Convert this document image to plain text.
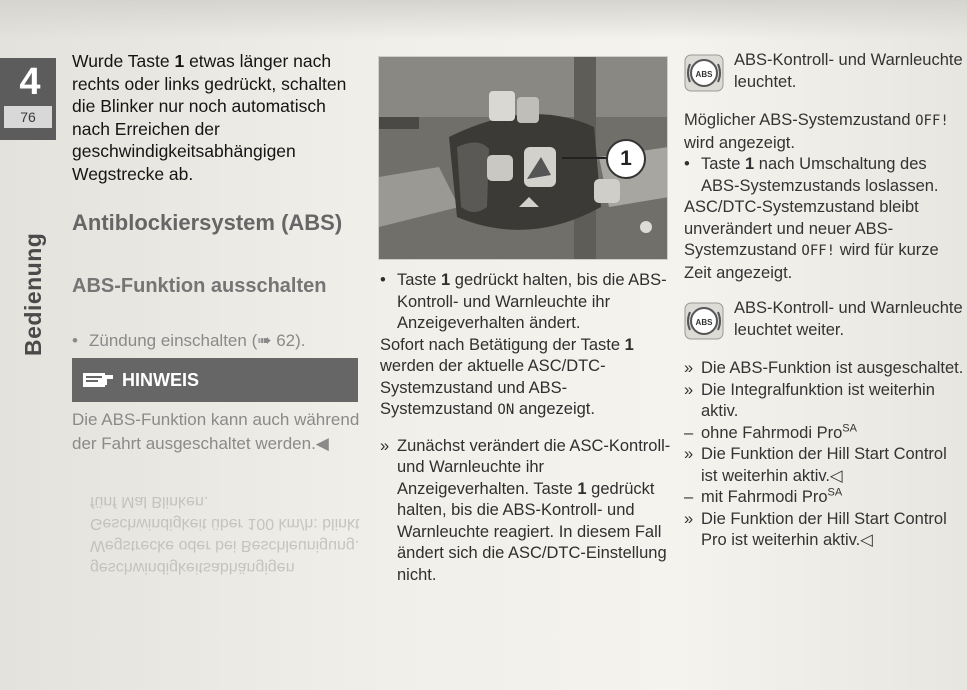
4
76
Bedienung

Wurde Taste 1 etwas länger nach rechts oder links gedrückt, schalten die Blinker nur noch automatisch nach Erreichen der geschwindigkeitsabhängigen Wegstrecke ab.

Antiblockiersystem (ABS)
ABS-Funktion ausschalten
• Zündung einschalten (➠ 62).
HINWEIS
Die ABS-Funktion kann auch während der Fahrt ausgeschaltet werden.◀
geschwindigkeitsabhängigen Wegstrecke oder bei Beschleunigung. Geschwindigkeit über 100 km/h: blinkt fünf Mal Blinken.
1
• Taste 1 gedrückt halten, bis die ABS-Kontroll- und Warnleuchte ihr Anzeigeverhalten ändert.

Sofort nach Betätigung der Taste 1 werden der aktuelle ASC/DTC-Systemzustand und ABS-Systemzustand ON angezeigt.

» Zunächst verändert die ASC-Kontroll- und Warnleuchte ihr Anzeigeverhalten. Taste 1 gedrückt halten, bis die ABS-Kontroll- und Warnleuchte reagiert. In diesem Fall ändert sich die ASC/DTC-Einstellung nicht.
ABS
ABS-Kontroll- und Warnleuchte leuchtet.

Möglicher ABS-Systemzustand OFF! wird angezeigt.

• Taste 1 nach Umschaltung des ABS-Systemzustands loslassen.

ASC/DTC-Systemzustand bleibt unverändert und neuer ABS-Systemzustand OFF! wird für kurze Zeit angezeigt.

ABS
ABS-Kontroll- und Warnleuchte leuchtet weiter.
» Die ABS-Funktion ist ausgeschaltet.
» Die Integralfunktion ist weiterhin aktiv.
– ohne Fahrmodi Pro$^{SA}$
» Die Funktion der Hill Start Control ist weiterhin aktiv.◁
– mit Fahrmodi Pro$^{SA}$
» Die Funktion der Hill Start Control Pro ist weiterhin aktiv.◁
